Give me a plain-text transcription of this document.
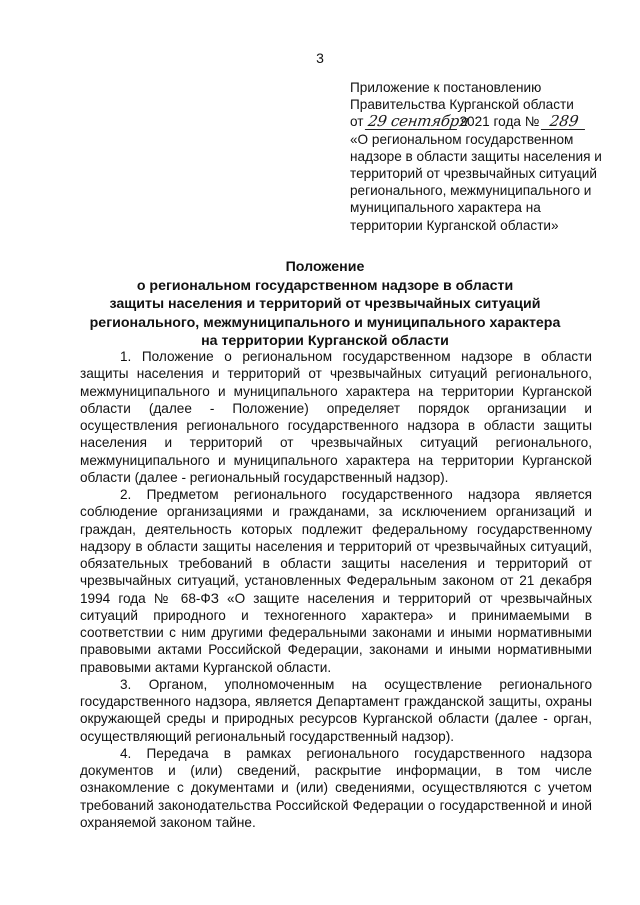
3
Приложение к постановлению
Правительства Курганской области
от 29 сентября
2021 года № 289
«О региональном государственном
надзоре в области защиты населения и
территорий от чрезвычайных ситуаций
регионального, межмуниципального и
муниципального характера на
территории Курганской области»
Положение
о региональном государственном надзоре в области
защиты населения и территорий от чрезвычайных ситуаций
регионального, межмуниципального и муниципального характера
на территории Курганской области

1. Положение о региональном государственном надзоре в области защиты населения и территорий от чрезвычайных ситуаций регионального, межмуниципального и муниципального характера на территории Курганской области (далее - Положение) определяет порядок организации и осуществления регионального государственного надзора в области защиты населения и территорий от чрезвычайных ситуаций регионального, межмуниципального и муниципального характера на территории Курганской области (далее - региональный государственный надзор).

2. Предметом регионального государственного надзора является соблюдение организациями и гражданами, за исключением организаций и граждан, деятельность которых подлежит федеральному государственному надзору в области защиты населения и территорий от чрезвычайных ситуаций, обязательных требований в области защиты населения и территорий от чрезвычайных ситуаций, установленных Федеральным законом от 21 декабря 1994 года № 68-ФЗ «О защите населения и территорий от чрезвычайных ситуаций природного и техногенного характера» и принимаемыми в соответствии с ним другими федеральными законами и иными нормативными правовыми актами Российской Федерации, законами и иными нормативными правовыми актами Курганской области.

3. Органом, уполномоченным на осуществление регионального государственного надзора, является Департамент гражданской защиты, охраны окружающей среды и природных ресурсов Курганской области (далее - орган, осуществляющий региональный государственный надзор).

4. Передача в рамках регионального государственного надзора документов и (или) сведений, раскрытие информации, в том числе ознакомление с документами и (или) сведениями, осуществляются с учетом требований законодательства Российской Федерации о государственной и иной охраняемой законом тайне.
